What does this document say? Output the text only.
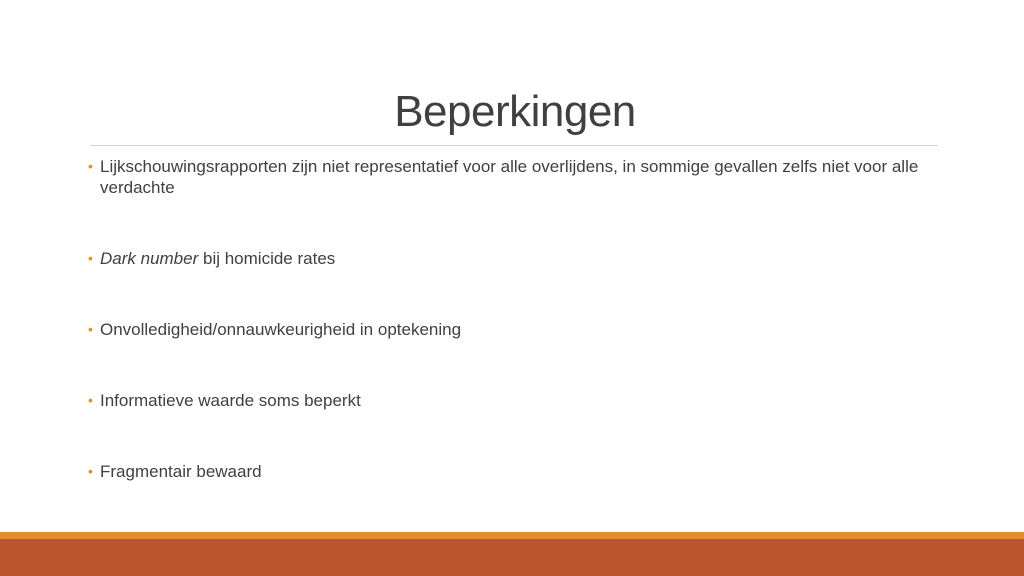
Beperkingen
• Lijkschouwingsrapporten zijn niet representatief voor alle overlijdens, in sommige gevallen zelfs niet voor alle verdachte
• Dark number bij homicide rates
• Onvolledigheid/onnauwkeurigheid in optekening
• Informatieve waarde soms beperkt
• Fragmentair bewaard
